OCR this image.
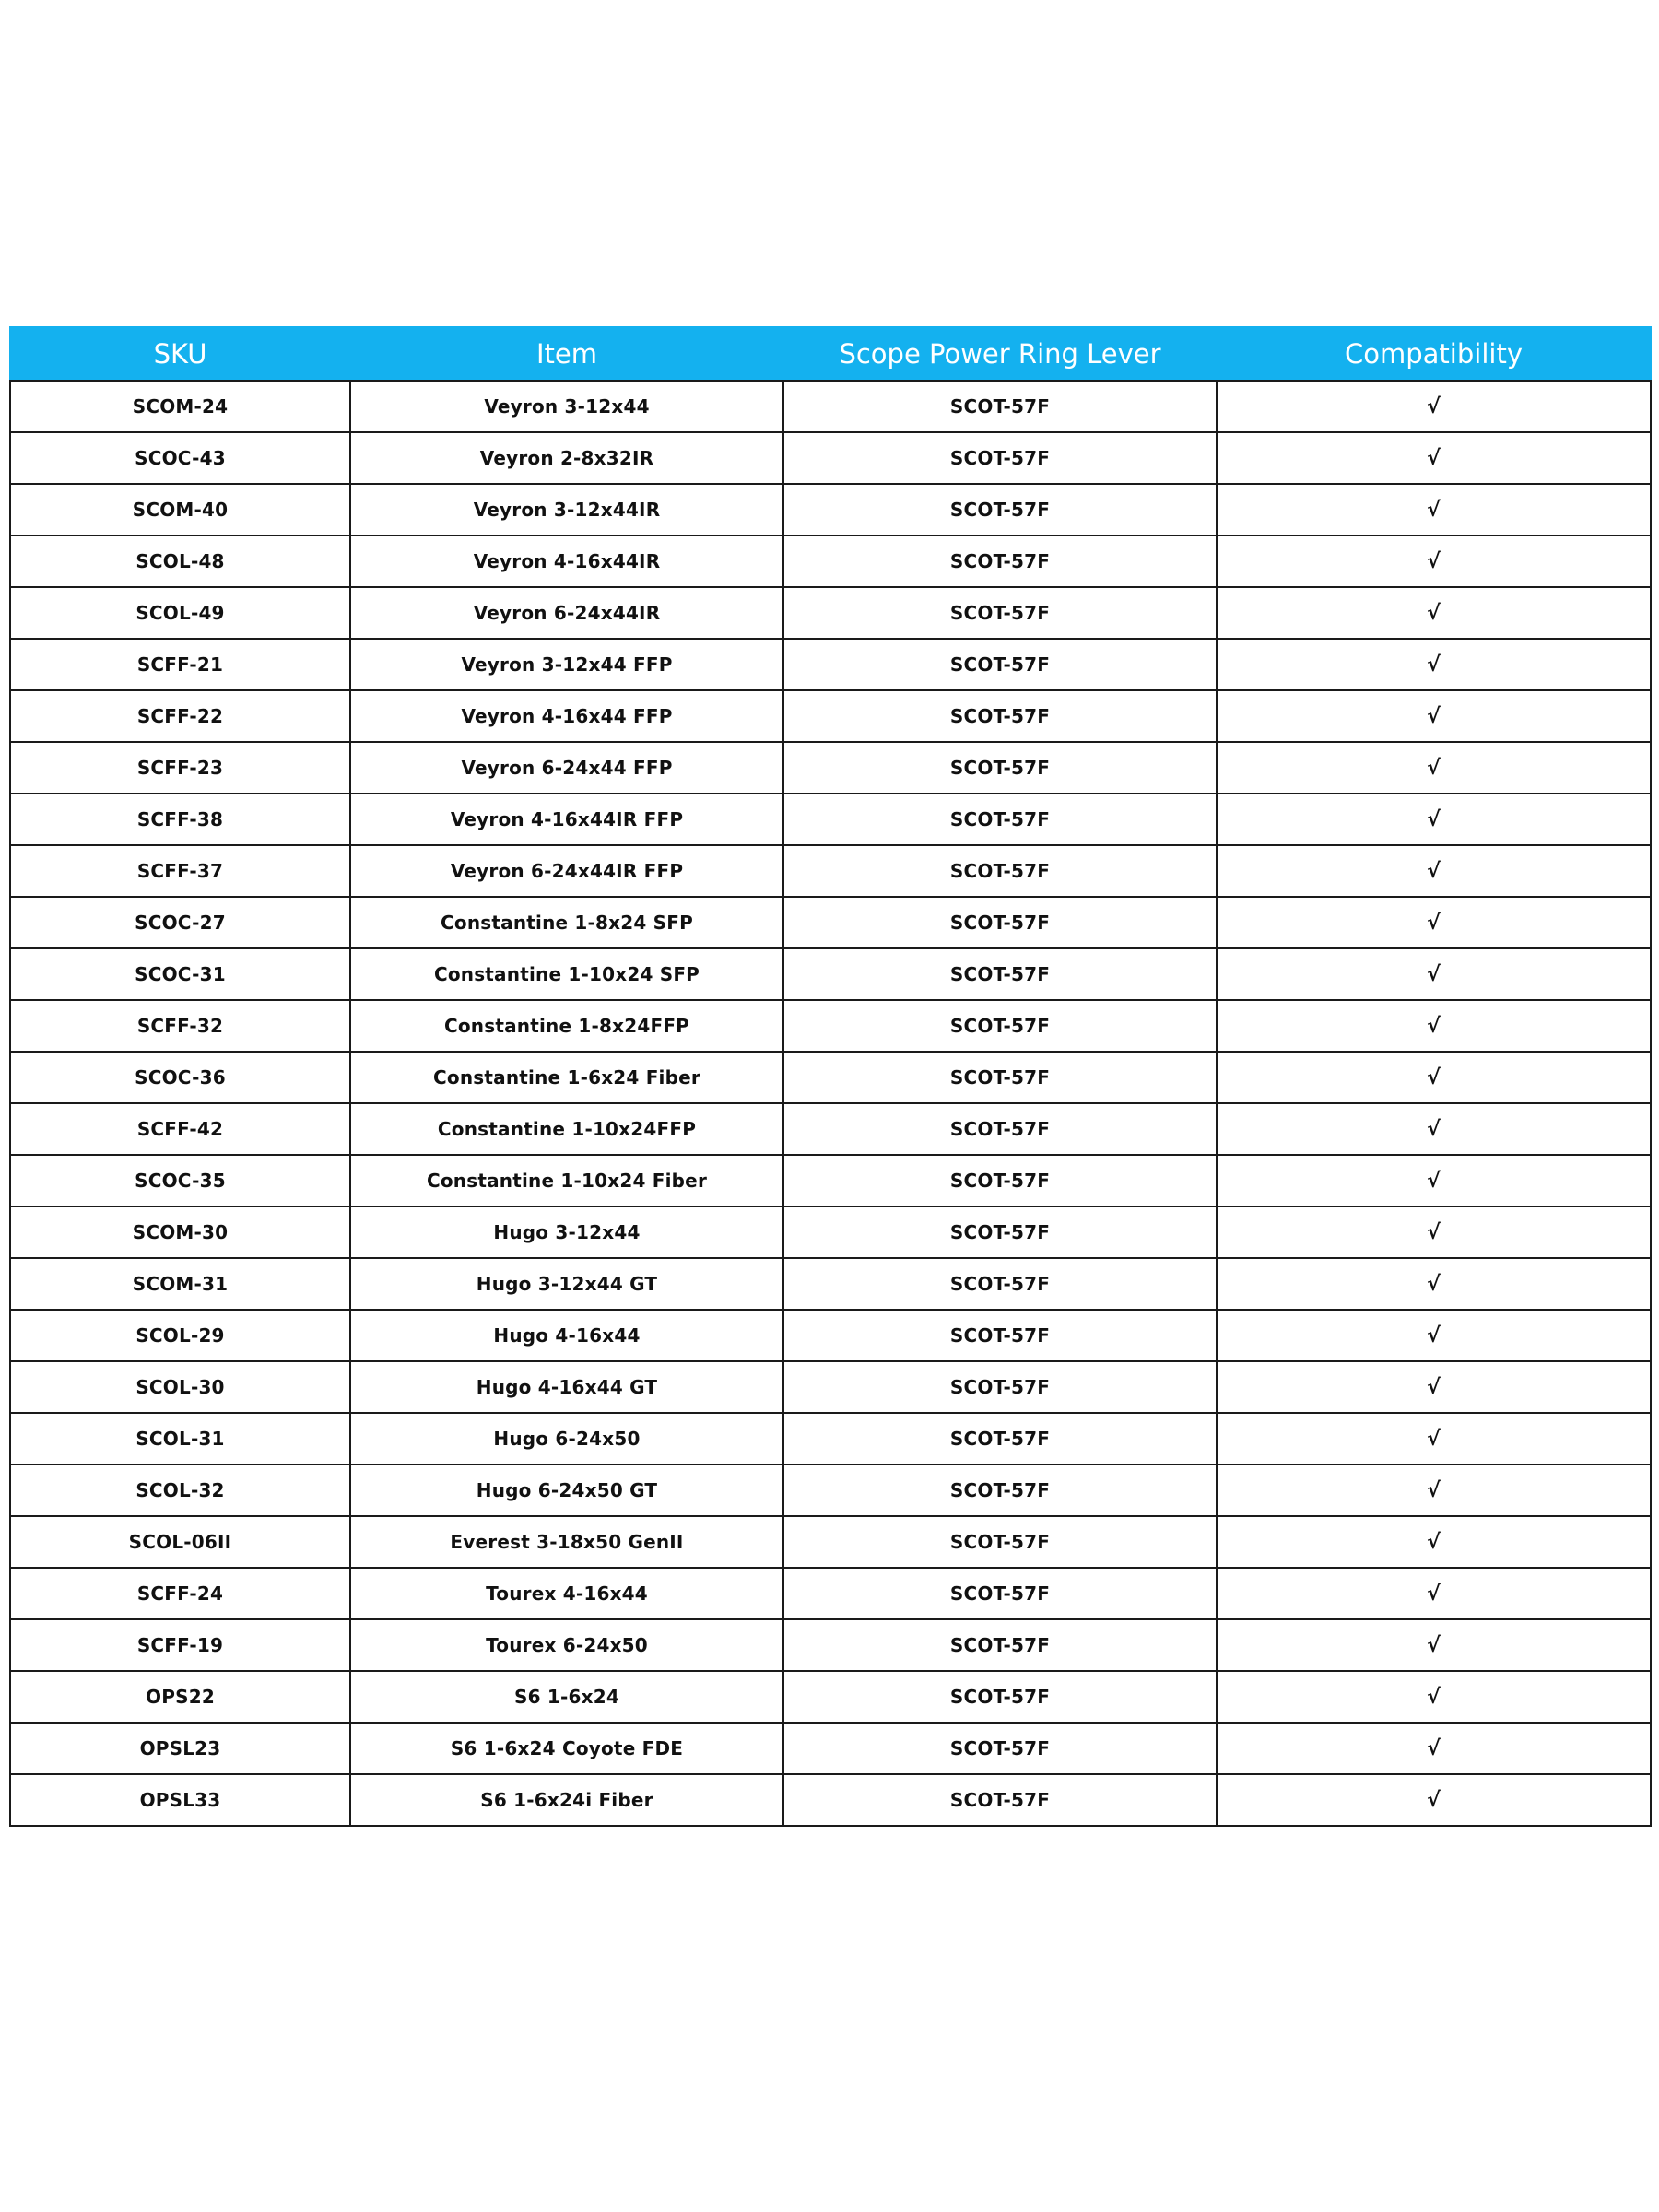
SKU	Item	Scope Power Ring Lever	Compatibility
SCOM-24	Veyron 3-12x44	SCOT-57F	√
SCOC-43	Veyron 2-8x32IR	SCOT-57F	√
SCOM-40	Veyron 3-12x44IR	SCOT-57F	√
SCOL-48	Veyron 4-16x44IR	SCOT-57F	√
SCOL-49	Veyron 6-24x44IR	SCOT-57F	√
SCFF-21	Veyron 3-12x44 FFP	SCOT-57F	√
SCFF-22	Veyron 4-16x44 FFP	SCOT-57F	√
SCFF-23	Veyron 6-24x44 FFP	SCOT-57F	√
SCFF-38	Veyron 4-16x44IR FFP	SCOT-57F	√
SCFF-37	Veyron 6-24x44IR FFP	SCOT-57F	√
SCOC-27	Constantine 1-8x24 SFP	SCOT-57F	√
SCOC-31	Constantine 1-10x24 SFP	SCOT-57F	√
SCFF-32	Constantine 1-8x24FFP	SCOT-57F	√
SCOC-36	Constantine 1-6x24 Fiber	SCOT-57F	√
SCFF-42	Constantine 1-10x24FFP	SCOT-57F	√
SCOC-35	Constantine 1-10x24 Fiber	SCOT-57F	√
SCOM-30	Hugo 3-12x44	SCOT-57F	√
SCOM-31	Hugo 3-12x44 GT	SCOT-57F	√
SCOL-29	Hugo 4-16x44	SCOT-57F	√
SCOL-30	Hugo 4-16x44 GT	SCOT-57F	√
SCOL-31	Hugo 6-24x50	SCOT-57F	√
SCOL-32	Hugo 6-24x50 GT	SCOT-57F	√
SCOL-06II	Everest 3-18x50 GenII	SCOT-57F	√
SCFF-24	Tourex 4-16x44	SCOT-57F	√
SCFF-19	Tourex 6-24x50	SCOT-57F	√
OPS22	S6 1-6x24	SCOT-57F	√
OPSL23	S6 1-6x24 Coyote FDE	SCOT-57F	√
OPSL33	S6 1-6x24i Fiber	SCOT-57F	√
